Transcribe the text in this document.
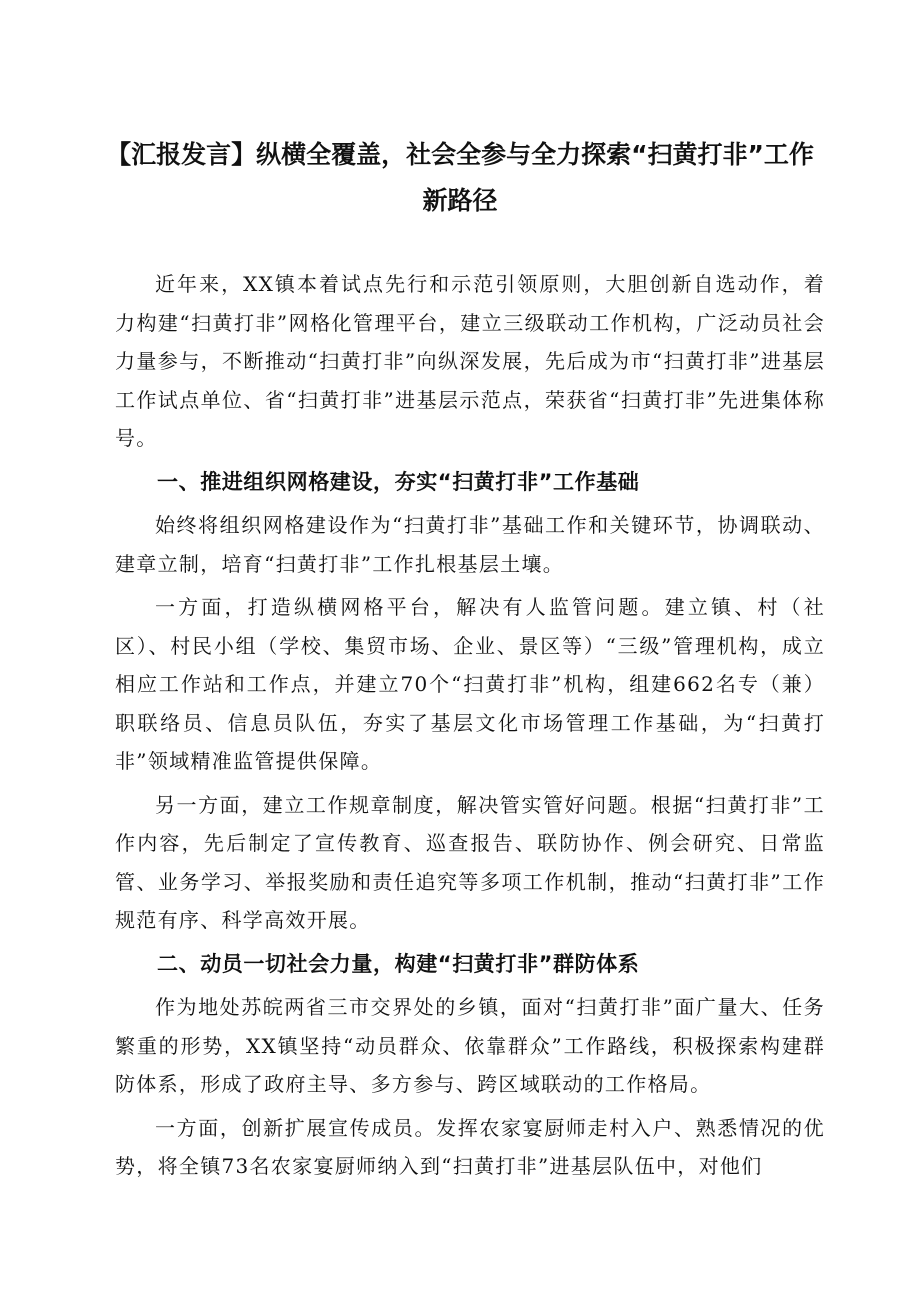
【汇报发言】纵横全覆盖，社会全参与全力探索“扫黄打非”工作新路径

近年来，XX镇本着试点先行和示范引领原则，大胆创新自选动作，着力构建“扫黄打非”网格化管理平台，建立三级联动工作机构，广泛动员社会力量参与，不断推动“扫黄打非”向纵深发展，先后成为市“扫黄打非”进基层工作试点单位、省“扫黄打非”进基层示范点，荣获省“扫黄打非”先进集体称号。

一、推进组织网格建设，夯实“扫黄打非”工作基础

始终将组织网格建设作为“扫黄打非”基础工作和关键环节，协调联动、建章立制，培育“扫黄打非”工作扎根基层土壤。

一方面，打造纵横网格平台，解决有人监管问题。建立镇、村（社区）、村民小组（学校、集贸市场、企业、景区等）“三级”管理机构，成立相应工作站和工作点，并建立70个“扫黄打非”机构，组建662名专（兼）职联络员、信息员队伍，夯实了基层文化市场管理工作基础，为“扫黄打非”领域精准监管提供保障。

另一方面，建立工作规章制度，解决管实管好问题。根据“扫黄打非”工作内容，先后制定了宣传教育、巡查报告、联防协作、例会研究、日常监管、业务学习、举报奖励和责任追究等多项工作机制，推动“扫黄打非”工作规范有序、科学高效开展。

二、动员一切社会力量，构建“扫黄打非”群防体系

作为地处苏皖两省三市交界处的乡镇，面对“扫黄打非”面广量大、任务繁重的形势，XX镇坚持“动员群众、依靠群众”工作路线，积极探索构建群防体系，形成了政府主导、多方参与、跨区域联动的工作格局。

一方面，创新扩展宣传成员。发挥农家宴厨师走村入户、熟悉情况的优势，将全镇73名农家宴厨师纳入到“扫黄打非”进基层队伍中，对他们
